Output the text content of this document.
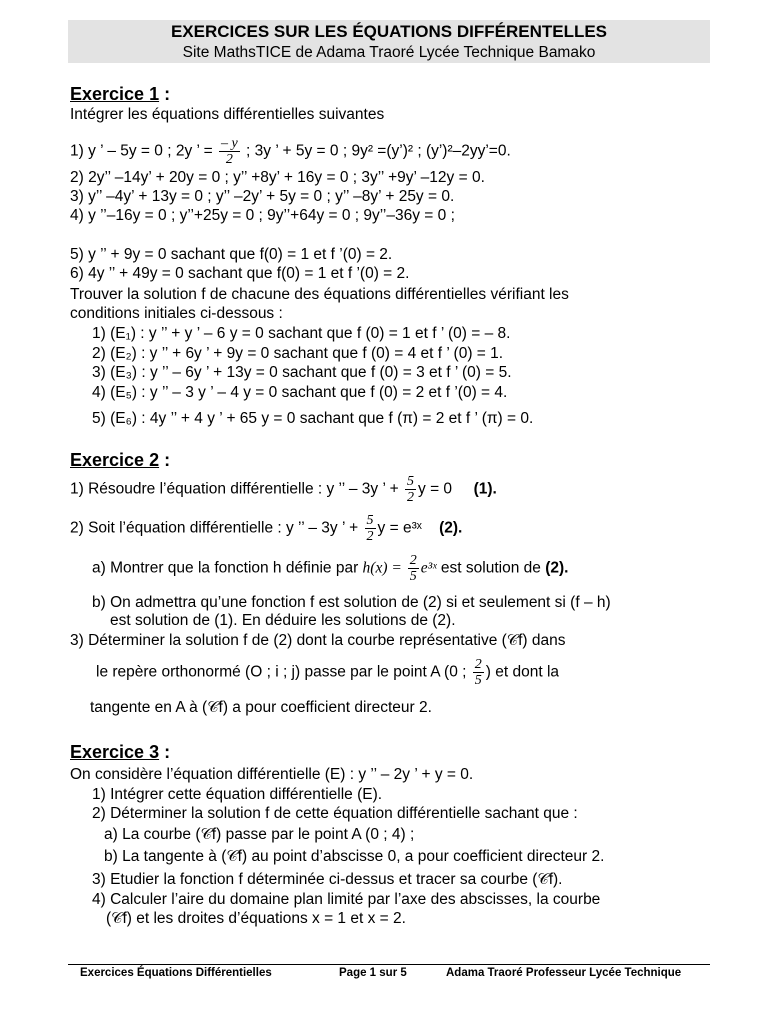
EXERCICES SUR LES ÉQUATIONS DIFFÉRENTELLES
Site MathsTICE de Adama Traoré Lycée Technique Bamako
Exercice 1 :
Intégrer les équations différentielles suivantes
1) y ’ – 5y = 0 ; 2y ’ = $\frac{- y}{2}$ ; 3y ’ + 5y = 0 ; 9y² =(y’)² ; (y’)²–2yy’=0.
2) 2y’’ –14y’ + 20y = 0 ; y’’ +8y’ + 16y = 0 ; 3y’’ +9y’ –12y = 0.
3) y’’ –4y’ + 13y = 0 ; y’’ –2y’ + 5y = 0 ; y’’ –8y’ + 25y = 0.
4) y ’’–16y = 0 ; y’’+25y = 0 ; 9y’’+64y = 0 ; 9y’’–36y = 0 ;
5) y ’’ + 9y = 0 sachant que f(0) = 1 et f ’(0) = 2.
6) 4y ’’ + 49y = 0 sachant que f(0) = 1 et f ’(0) = 2.
Trouver la solution f de chacune des équations différentielles vérifiant les
conditions initiales ci-dessous :
1) (E₁) : y ’’ + y ’ – 6 y = 0 sachant que f (0) = 1 et f ’ (0) = – 8.
2) (E₂) : y ’’ + 6y ’ + 9y = 0 sachant que f (0) = 4 et f ’ (0) = 1.
3) (E₃) : y ’’ – 6y ’ + 13y = 0 sachant que f (0) = 3 et f ’ (0) = 5.
4) (E₅) : y ’’ – 3 y ’ – 4 y = 0 sachant que f (0) = 2 et f ’(0) = 4.
5) (E₆) : 4y ’’ + 4 y ’ + 65 y = 0 sachant que f (π) = 2 et f ’ (π) = 0.
Exercice 2 :
1) Résoudre l’équation différentielle : y ’’ – 3y ’ + $\frac{5}{2}$ y = 0 (1).
2) Soit l’équation différentielle : y ’’ – 3y ’ + $\frac{5}{2}$ y = e³ˣ (2).
a) Montrer que la fonction h définie par $h(x) = \frac{2}{5}$ e³ˣ est solution de (2).
b) On admettra qu’une fonction f est solution de (2) si et seulement si (f – h)
est solution de (1). En déduire les solutions de (2).
3) Déterminer la solution f de (2) dont la courbe représentative (𝒞f) dans
le repère orthonormé (O ; i ; j) passe par le point A (0 ; $\frac{2}{5}$ ) et dont la
tangente en A à (𝒞f) a pour coefficient directeur 2.
Exercice 3 :
On considère l’équation différentielle (E) : y ’’ – 2y ’ + y = 0.
1) Intégrer cette équation différentielle (E).
2) Déterminer la solution f de cette équation différentielle sachant que :
a) La courbe (𝒞f) passe par le point A (0 ; 4) ;
b) La tangente à (𝒞f) au point d’abscisse 0, a pour coefficient directeur 2.
3) Etudier la fonction f déterminée ci-dessus et tracer sa courbe (𝒞f).
4) Calculer l’aire du domaine plan limité par l’axe des abscisses, la courbe
(𝒞f) et les droites d’équations x = 1 et x = 2.
Exercices Équations Différentielles	Page 1 sur 5	Adama Traoré Professeur Lycée Technique
